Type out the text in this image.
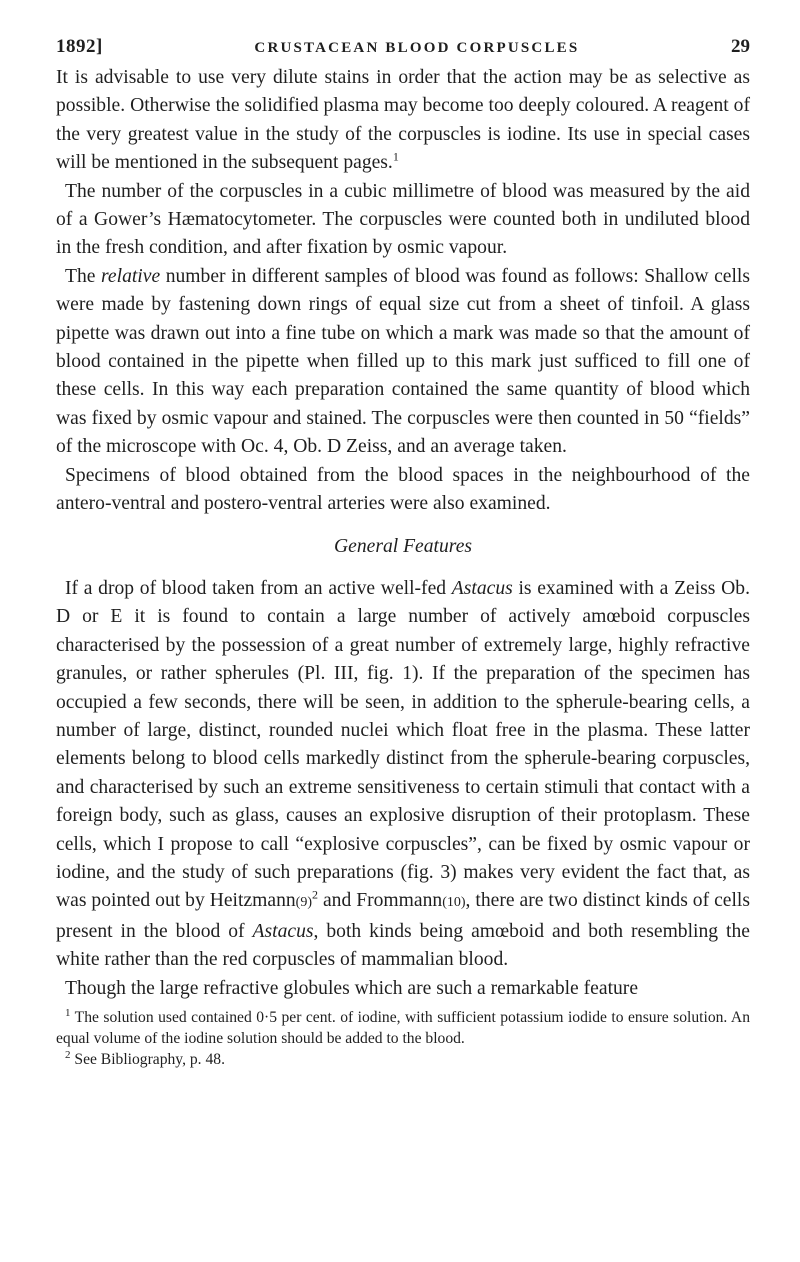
1892]	CRUSTACEAN BLOOD CORPUSCLES	29

It is advisable to use very dilute stains in order that the action may be as selective as possible. Otherwise the solidified plasma may become too deeply coloured. A reagent of the very greatest value in the study of the corpuscles is iodine. Its use in special cases will be mentioned in the subsequent pages.$^1$

The number of the corpuscles in a cubic millimetre of blood was measured by the aid of a Gower’s Hæmatocytometer. The corpuscles were counted both in undiluted blood in the fresh condition, and after fixation by osmic vapour.

The relative number in different samples of blood was found as follows: Shallow cells were made by fastening down rings of equal size cut from a sheet of tinfoil. A glass pipette was drawn out into a fine tube on which a mark was made so that the amount of blood contained in the pipette when filled up to this mark just sufficed to fill one of these cells. In this way each preparation contained the same quantity of blood which was fixed by osmic vapour and stained. The corpuscles were then counted in 50 “fields” of the microscope with Oc. 4, Ob. D Zeiss, and an average taken.

Specimens of blood obtained from the blood spaces in the neighbourhood of the antero-ventral and postero-ventral arteries were also examined.

General Features

If a drop of blood taken from an active well-fed Astacus is examined with a Zeiss Ob. D or E it is found to contain a large number of actively amœboid corpuscles characterised by the possession of a great number of extremely large, highly refractive granules, or rather spherules (Pl. III, fig. 1). If the preparation of the specimen has occupied a few seconds, there will be seen, in addition to the spherule-bearing cells, a number of large, distinct, rounded nuclei which float free in the plasma. These latter elements belong to blood cells markedly distinct from the spherule-bearing corpuscles, and characterised by such an extreme sensitiveness to certain stimuli that contact with a foreign body, such as glass, causes an explosive disruption of their protoplasm. These cells, which I propose to call “explosive corpuscles”, can be fixed by osmic vapour or iodine, and the study of such preparations (fig. 3) makes very evident the fact that, as was pointed out by $Heitzmann(9)^2$ and Frommann(10), there are two distinct kinds of cells present in the blood of Astacus, both kinds being amœboid and both resembling the white rather than the red corpuscles of mammalian blood.

Though the large refractive globules which are such a remarkable feature

$^1$ The solution used contained 0·5 per cent. of iodine, with sufficient potassium iodide to ensure solution. An equal volume of the iodine solution should be added to the blood.

$^2$ See Bibliography, p. 48.
